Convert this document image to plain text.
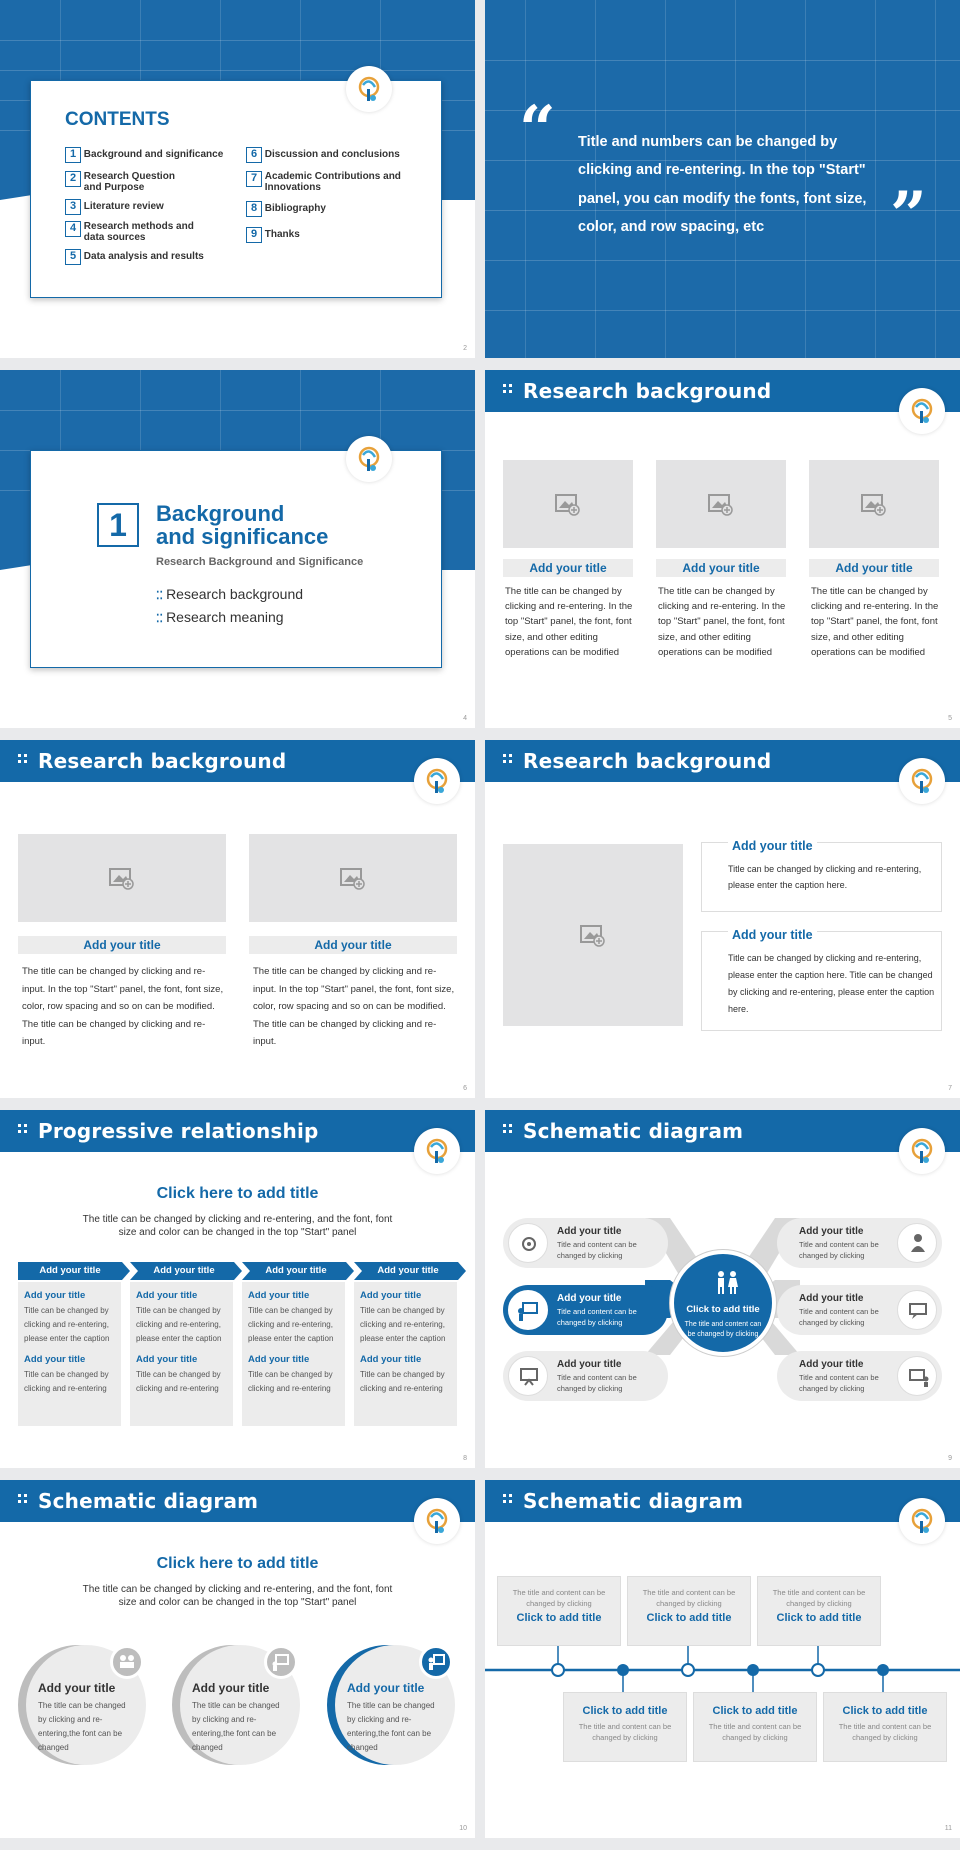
CONTENTS
1 Background and significance
2 Research Question and Purpose
3 Literature review
4 Research methods and data sources
5 Data analysis and results
6 Discussion and conclusions
7 Academic Contributions and Innovations
8 Bibliography
9 Thanks
2
“ Title and numbers can be changed by clicking and re-entering. In the top "Start" panel, you can modify the fonts, font size, color, and row spacing, etc	”
1	Background
and significance
Research Background and Significance
⁚⁚ Research background
⁚⁚ Research meaning
4
Research background
Add your title	Add your title	Add your title
The title can be changed by clicking and re-entering. In the top "Start" panel, the font, font size, and other editing operations can be modified
The title can be changed by clicking and re-entering. In the top "Start" panel, the font, font size, and other editing operations can be modified
The title can be changed by clicking and re-entering. In the top "Start" panel, the font, font size, and other editing operations can be modified
5
Research background
Add your title	Add your title
The title can be changed by clicking and re-input. In the top "Start" panel, the font, font size, color, row spacing and so on can be modified. The title can be changed by clicking and re-input.
The title can be changed by clicking and re-input. In the top "Start" panel, the font, font size, color, row spacing and so on can be modified. The title can be changed by clicking and re-input.
6
Research background
Add your title
Title can be changed by clicking and re-entering, please enter the caption here.
Add your title
Title can be changed by clicking and re-entering, please enter the caption here. Title can be changed by clicking and re-entering, please enter the caption here.
7
Progressive relationship
Click here to add title
The title can be changed by clicking and re-entering, and the font, font size and color can be changed in the top "Start" panel
Add your title	Add your title	Add your title	Add your title
Add your title
Title can be changed by clicking and re-entering, please enter the caption
Add your title
Title can be changed by clicking and re-entering
Add your title
Title can be changed by clicking and re-entering, please enter the caption
Add your title
Title can be changed by clicking and re-entering
Add your title
Title can be changed by clicking and re-entering, please enter the caption
Add your title
Title can be changed by clicking and re-entering
Add your title
Title can be changed by clicking and re-entering, please enter the caption
Add your title
Title can be changed by clicking and re-entering
8
Schematic diagram
Add your title
Title and content can be changed by clicking
Add your title
Title and content can be changed by clicking
Add your title
Title and content can be changed by clicking
Add your title
Title and content can be changed by clicking
Add your title
Title and content can be changed by clicking
Add your title
Title and content can be changed by clicking
Click to add title
The title and content can be changed by clicking
9
Schematic diagram
Click here to add title
The title can be changed by clicking and re-entering, and the font, font size and color can be changed in the top "Start" panel
Add your title
The title can be changed by clicking and re-entering,the font can be changed
Add your title
The title can be changed by clicking and re-entering,the font can be changed
Add your title
The title can be changed by clicking and re-entering,the font can be changed
10
Schematic diagram
The title and content can be changed by clicking
Click to add title
The title and content can be changed by clicking
Click to add title
The title and content can be changed by clicking
Click to add title
Click to add title
The title and content can be changed by clicking
Click to add title
The title and content can be changed by clicking
Click to add title
The title and content can be changed by clicking
11
